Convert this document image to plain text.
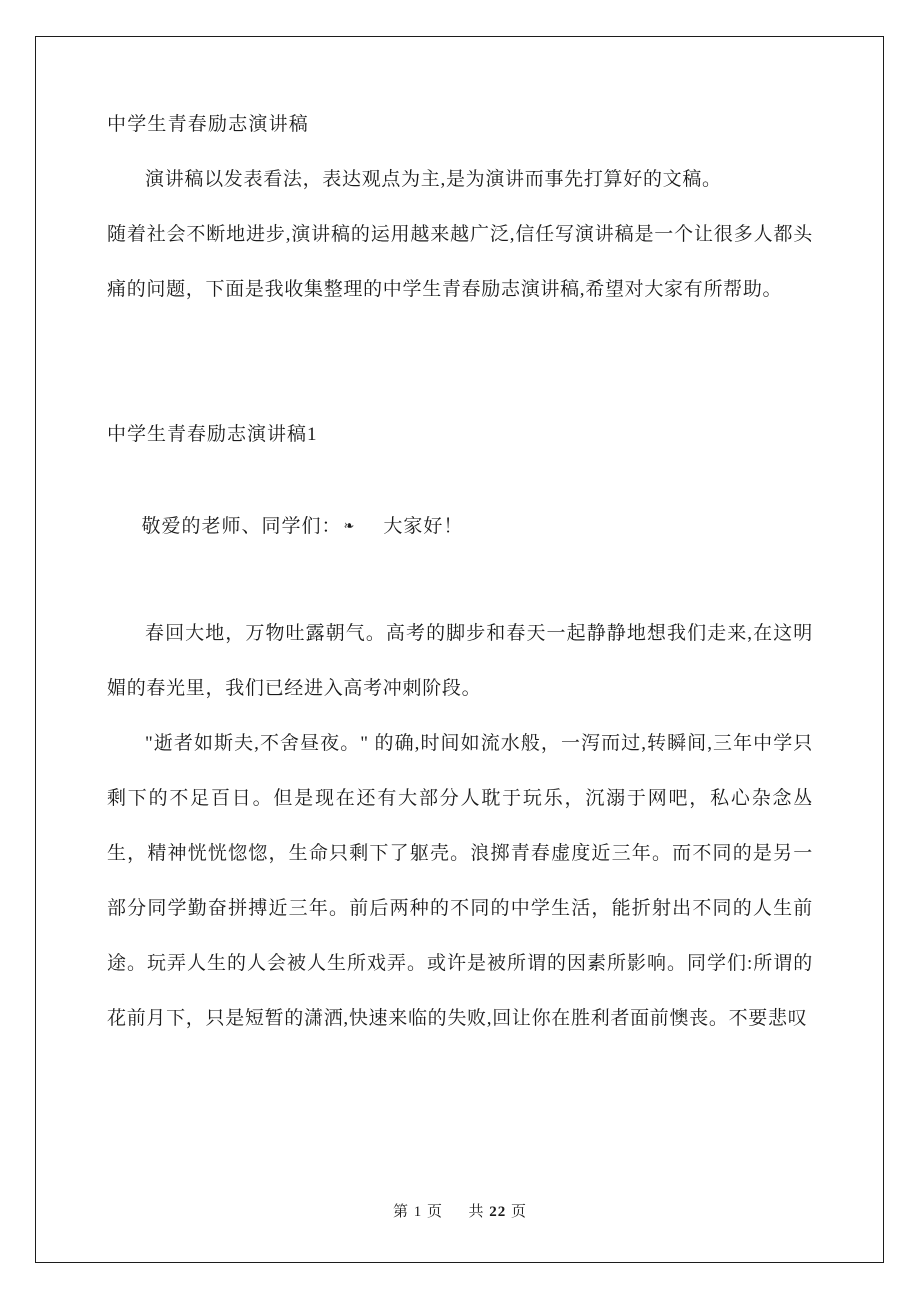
中学生青春励志演讲稿

演讲稿以发表看法，表达观点为主,是为演讲而事先打算好的文稿。

随着社会不断地进步,演讲稿的运用越来越广泛,信任写演讲稿是一个让很多人都头痛的问题，下面是我收集整理的中学生青春励志演讲稿,希望对大家有所帮助。

中学生青春励志演讲稿1

敬爱的老师、同学们： ❧ 大家好！

春回大地，万物吐露朝气。高考的脚步和春天一起静静地想我们走来,在这明媚的春光里，我们已经进入高考冲刺阶段。

"逝者如斯夫,不舍昼夜。" 的确,时间如流水般，一泻而过,转瞬间,三年中学只剩下的不足百日。但是现在还有大部分人耽于玩乐，沉溺于网吧，私心杂念丛生，精神恍恍惚惚，生命只剩下了躯壳。浪掷青春虚度近三年。而不同的是另一部分同学勤奋拼搏近三年。前后两种的不同的中学生活，能折射出不同的人生前途。玩弄人生的人会被人生所戏弄。或许是被所谓的因素所影响。同学们:所谓的花前月下，只是短暂的潇洒,快速来临的失败,回让你在胜利者面前懊丧。不要悲叹

第 1 页 共 22 页
